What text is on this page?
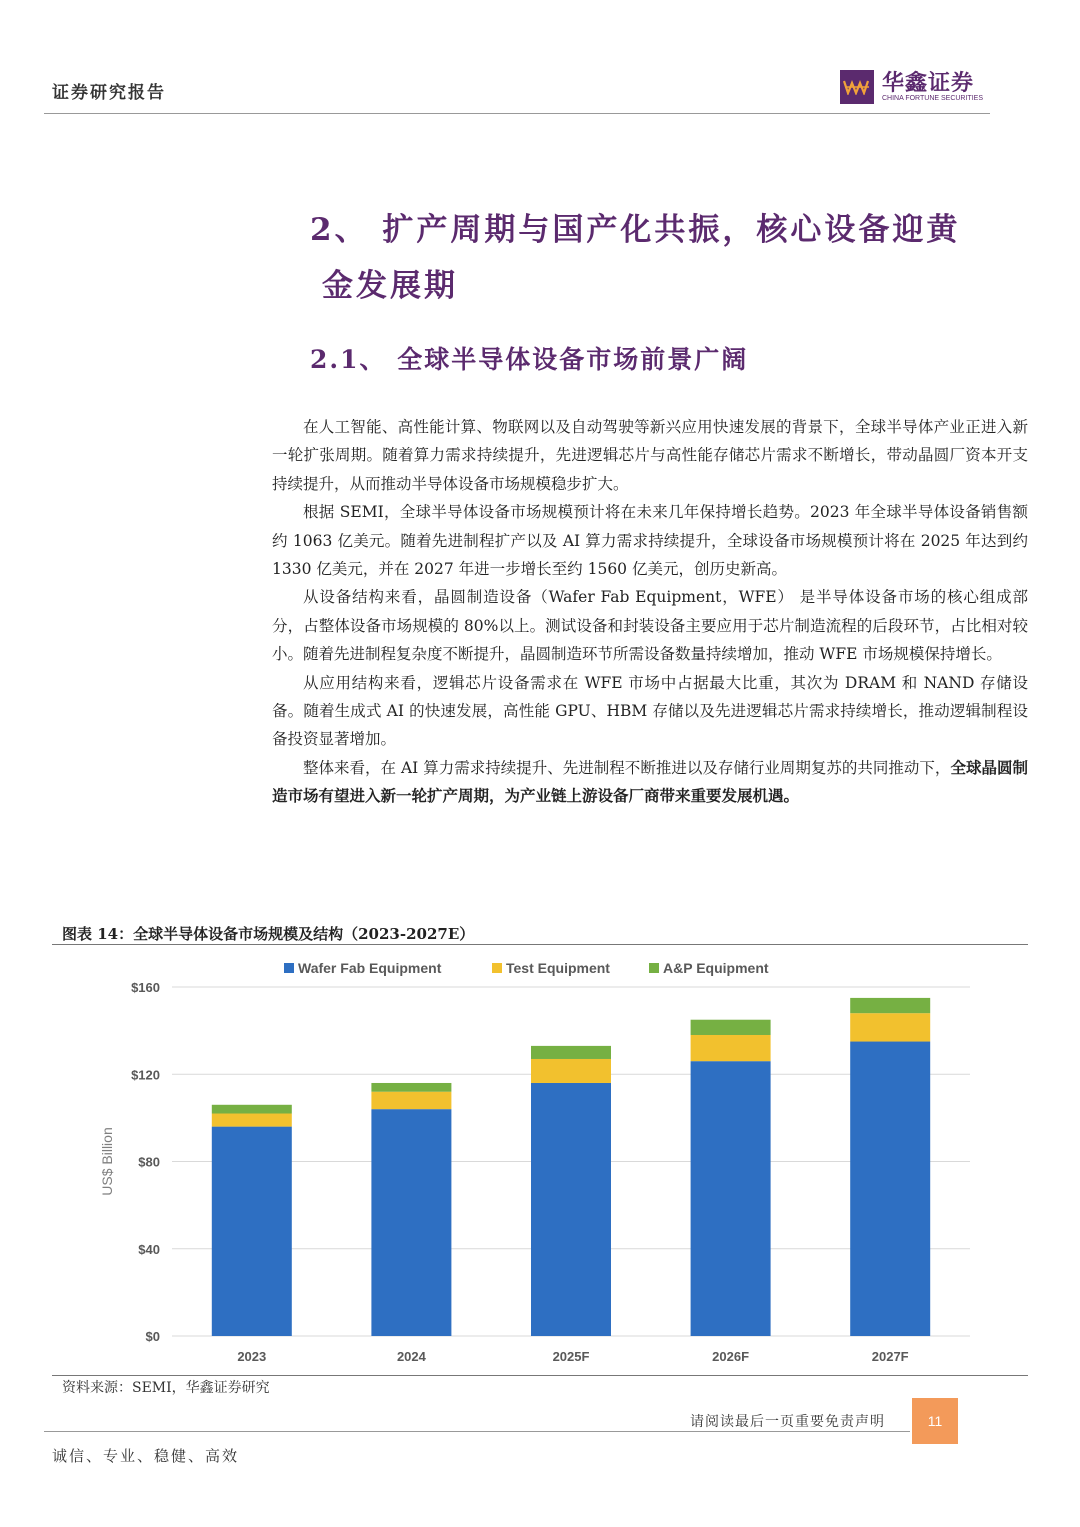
证券研究报告	华鑫证券
CHINA FORTUNE SECURITIES
2、 扩产周期与国产化共振，核心设备迎黄
金发展期
2.1、 全球半导体设备市场前景广阔

在人工智能、高性能计算、物联网以及自动驾驶等新兴应用快速发展的背景下，全球半导体产业正进入新一轮扩张周期。随着算力需求持续提升，先进逻辑芯片与高性能存储芯片需求不断增长，带动晶圆厂资本开支持续提升，从而推动半导体设备市场规模稳步扩大。

根据 SEMI，全球半导体设备市场规模预计将在未来几年保持增长趋势。2023 年全球半导体设备销售额约 1063 亿美元。随着先进制程扩产以及 AI 算力需求持续提升，全球设备市场规模预计将在 2025 年达到约 1330 亿美元，并在 2027 年进一步增长至约 1560 亿美元，创历史新高。

从设备结构来看，晶圆制造设备（Wafer Fab Equipment，WFE） 是半导体设备市场的核心组成部分，占整体设备市场规模的 80%以上。测试设备和封装设备主要应用于芯片制造流程的后段环节，占比相对较小。随着先进制程复杂度不断提升，晶圆制造环节所需设备数量持续增加，推动 WFE 市场规模保持增长。

从应用结构来看，逻辑芯片设备需求在 WFE 市场中占据最大比重，其次为 DRAM 和 NAND 存储设备。随着生成式 AI 的快速发展，高性能 GPU、HBM 存储以及先进逻辑芯片需求持续增长，推动逻辑制程设备投资显著增加。

整体来看，在 AI 算力需求持续提升、先进制程不断推进以及存储行业周期复苏的共同推动下，全球晶圆制造市场有望进入新一轮扩产周期，为产业链上游设备厂商带来重要发展机遇。

图表 14：全球半导体设备市场规模及结构（2023-2027E）
$0
$40
$80
$120
$160
US$ Billion
2023	2024	2025F	2026F	2027F
Wafer Fab Equipment	Test Equipment	A&P Equipment
资料来源：SEMI，华鑫证券研究
请阅读最后一页重要免责声明	11
诚信、专业、稳健、高效
